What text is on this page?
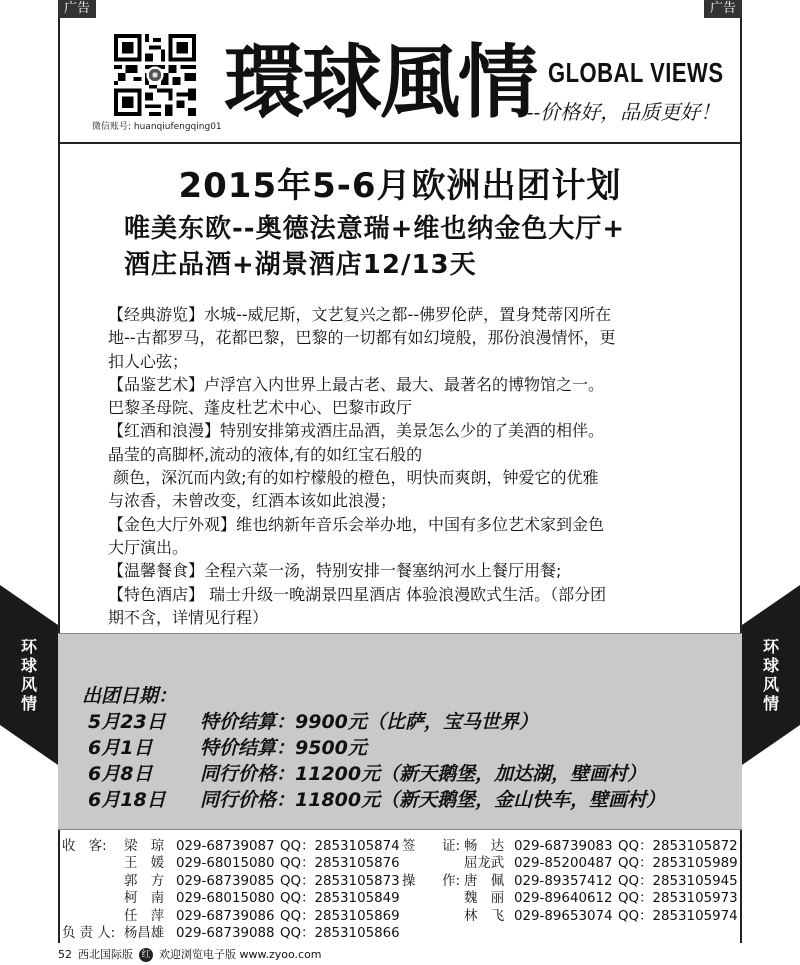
广告	广告
微信账号: huanqiufengqing01 環球風情 GLOBAL VIEWS
---价格好，品质更好！
2015年5-6月欧洲出团计划
唯美东欧--奥德法意瑞+维也纳金色大厅+
酒庄品酒+湖景酒店12/13天

【经典游览】水城--威尼斯，文艺复兴之都--佛罗伦萨，置身梵蒂冈所在

地--古都罗马，花都巴黎，巴黎的一切都有如幻境般，那份浪漫情怀，更

扣人心弦；

【品鉴艺术】卢浮宫入内世界上最古老、最大、最著名的博物馆之一。

巴黎圣母院、蓬皮杜艺术中心、巴黎市政厅

【红酒和浪漫】特别安排第戎酒庄品酒，美景怎么少的了美酒的相伴。

晶莹的高脚杯,流动的液体,有的如红宝石般的

颜色，深沉而内敛;有的如柠檬般的橙色，明快而爽朗，钟爱它的优雅

与浓香，未曾改变，红酒本该如此浪漫；

【金色大厅外观】维也纳新年音乐会举办地，中国有多位艺术家到金色

大厅演出。

【温馨餐食】全程六菜一汤，特别安排一餐塞纳河水上餐厅用餐;

【特色酒店】 瑞士升级一晚湖景四星酒店 体验浪漫欧式生活。（部分团

期不含，详情见行程）

出团日期：
5月23日	特价结算：9900元（比萨，宝马世界）
6月1日	特价结算：9500元
6月8日	同行价格：11200元（新天鹅堡，加达湖，壁画村）
6月18日	同行价格：11800元（新天鹅堡，金山快车，壁画村）
环
球
风
情
环
球
风
情
收　客: 梁　琼 029-68739087 QQ：2853105874 签　　证: 畅　达 029-68739083 QQ：2853105872
王　媛 029-68015080 QQ：2853105876	屈龙武 029-85200487 QQ：2853105989
郭　方 029-68739085 QQ：2853105873 操　　作: 唐　佩 029-89357412 QQ：2853105945
柯　南 029-68015080 QQ：2853105849	魏　丽 029-89640612 QQ：2853105973
任　萍 029-68739086 QQ：2853105869	林　飞 029-89653074 QQ：2853105974
负 责 人: 杨昌雄 029-68739088 QQ：2853105866
52 西北国际版 红 欢迎浏览电子版 www.zyoo.com
